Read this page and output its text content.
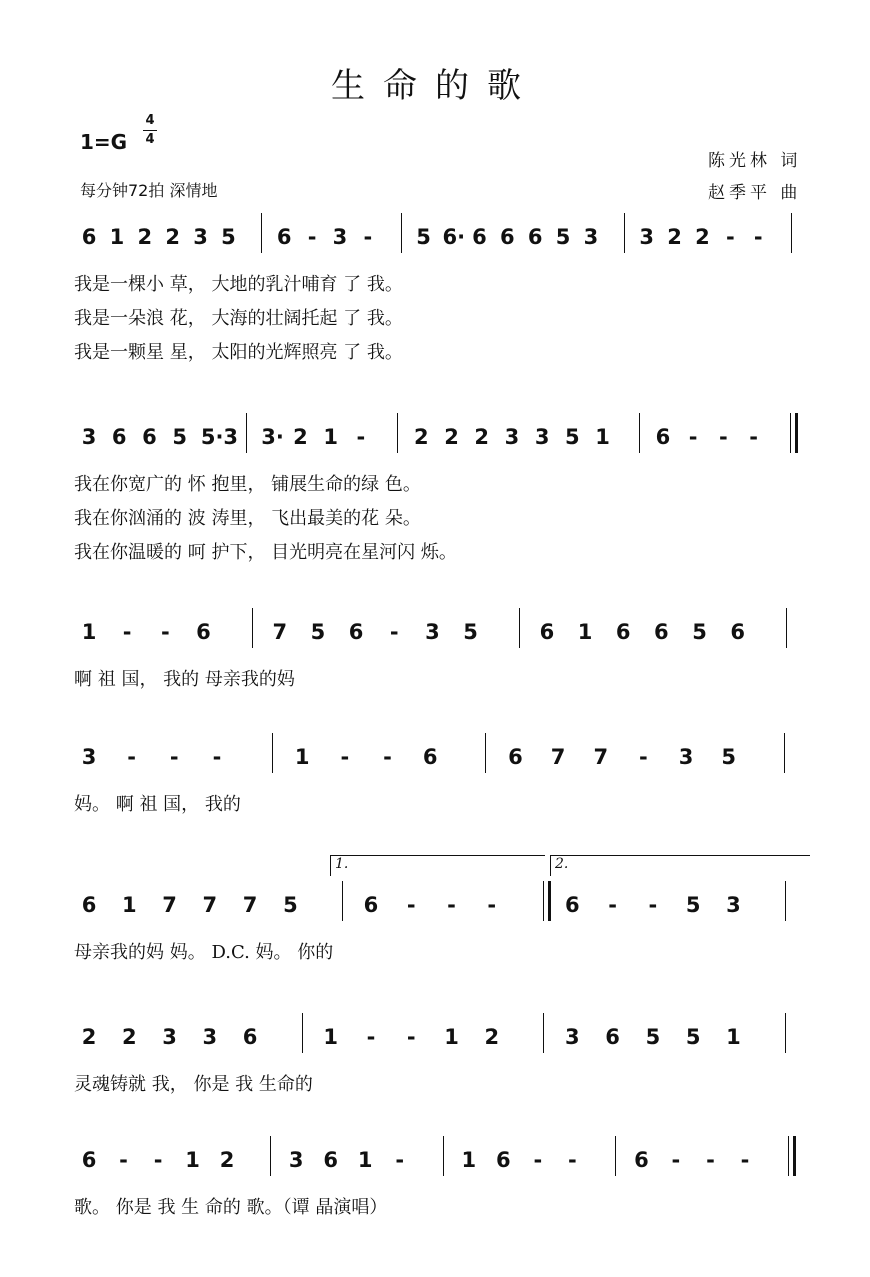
生命的歌
1=G
4
4
每分钟72拍 深情地
陈光林 词
赵季平 曲
6 1 2 2 3 5 6 - 3 - 5 6· 6 6 6 5 3 3 2 2 - -
我是一棵小 草， 大地的乳汁哺育 了 我。
我是一朵浪 花， 大海的壮阔托起 了 我。
我是一颗星 星， 太阳的光辉照亮 了 我。
3 6 6 5 5·3 3· 2 1 - 2 2 2 3 3 5 1 6 - - -
我在你宽广的 怀 抱里， 铺展生命的绿 色。
我在你汹涌的 波 涛里， 飞出最美的花 朵。
我在你温暖的 呵 护下， 目光明亮在星河闪 烁。
1 - - 6	7 5 6 - 3 5	6 1 6 6 5 6
啊 祖 国， 我的 母亲我的妈
3 - - -	1 - - 6	6 7 7 - 3 5
妈。 啊 祖 国， 我的
6 1 7 7 7 5	6 - - -	6 - - 5 3
母亲我的妈 妈。 D.C. 妈。 你的
1.	2.
2 2 3 3 6	1 - - 1 2	3 6 5 5 1
灵魂铸就 我， 你是 我 生命的
6 - - 1 2	3 6 1 -	1 6 - -	6 - - -
歌。 你是 我 生 命的 歌。（谭 晶演唱）
